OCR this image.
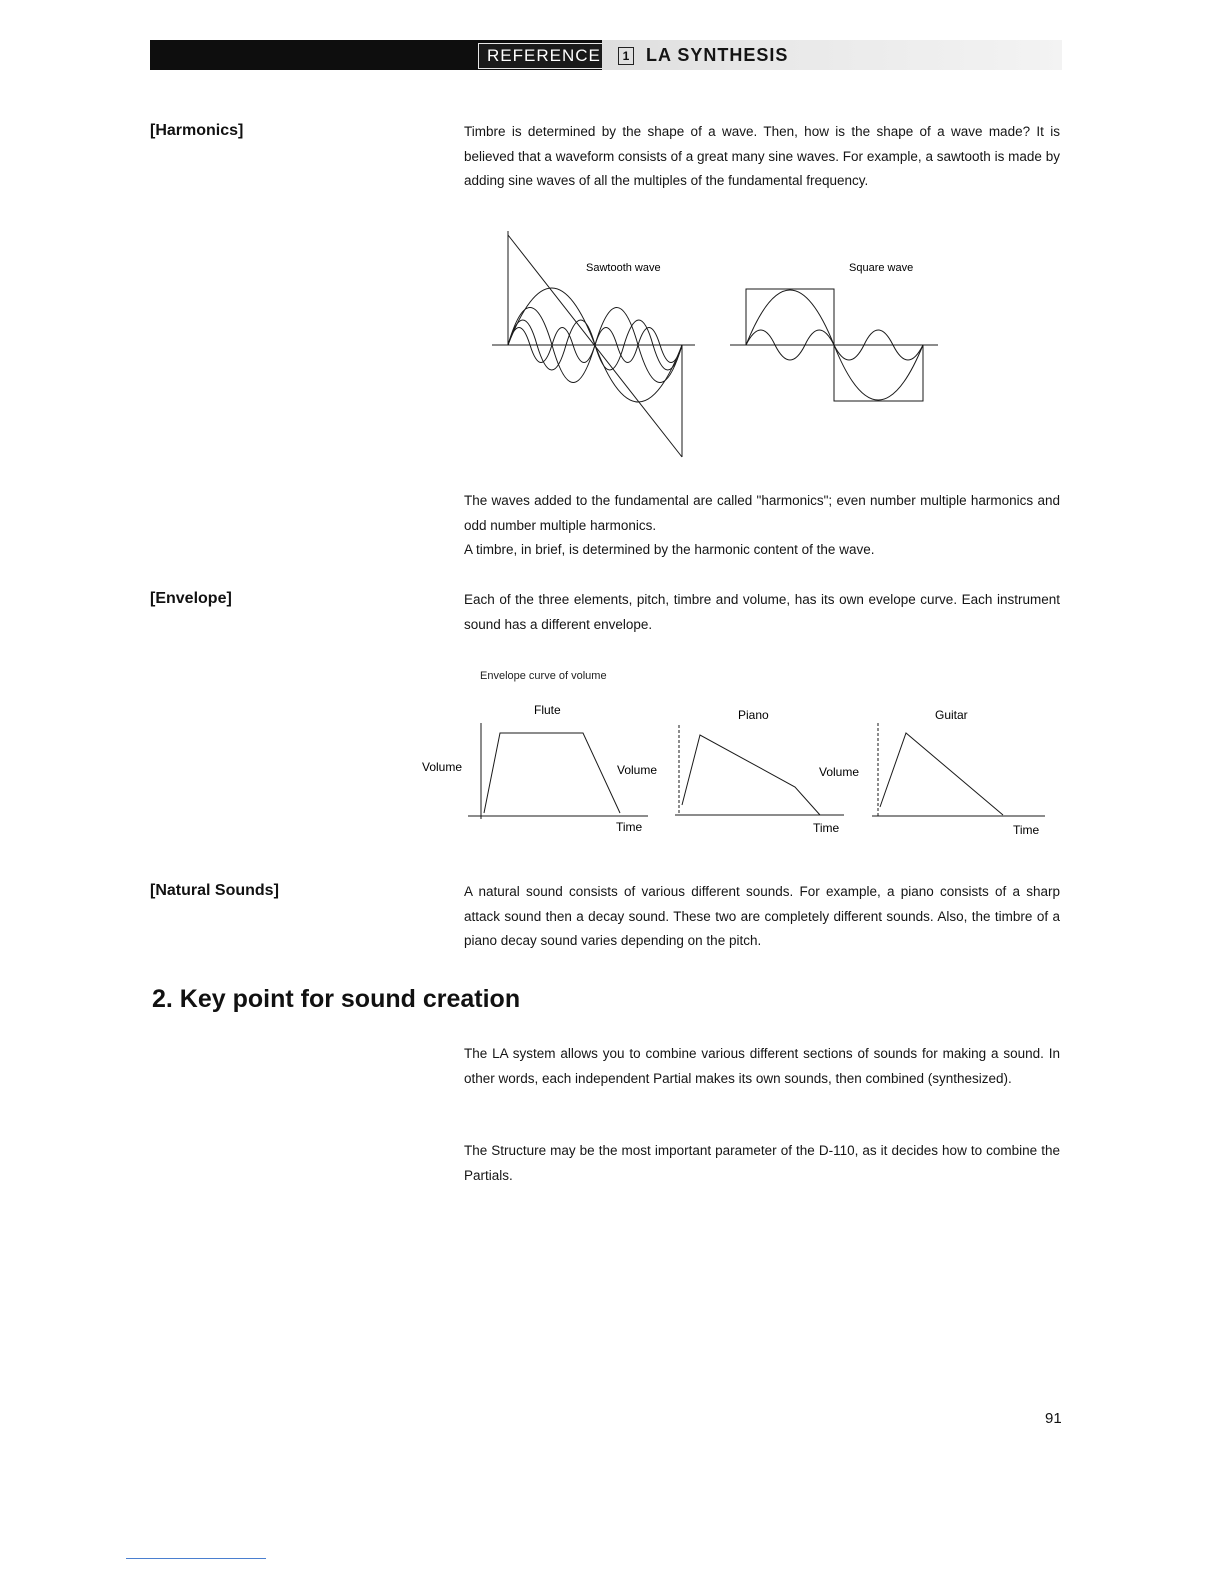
REFERENCE	1 LA SYNTHESIS
[Harmonics]	Timbre is determined by the shape of a wave. Then, how is the shape of a wave made? It is believed that a waveform consists of a great many sine waves. For example, a sawtooth is made by adding sine waves of all the multiples of the fundamental frequency.

Sawtooth wave	Square wave

The waves added to the fundamental are called "harmonics"; even number multiple harmonics and odd number multiple harmonics.

A timbre, in brief, is determined by the harmonic content of the wave.

[Envelope]	Each of the three elements, pitch, timbre and volume, has its own evelope curve. Each instrument sound has a different envelope.

Envelope curve of volume
Flute
Volume
Time
Piano
Volume
Time
Guitar
Volume
Time
[Natural Sounds]	A natural sound consists of various different sounds. For example, a piano consists of a sharp attack sound then a decay sound. These two are completely different sounds. Also, the timbre of a piano decay sound varies depending on the pitch.

2. Key point for sound creation

The LA system allows you to combine various different sections of sounds for making a sound. In other words, each independent Partial makes its own sounds, then combined (synthesized).

The Structure may be the most important parameter of the D-110, as it decides how to combine the Partials.

91
